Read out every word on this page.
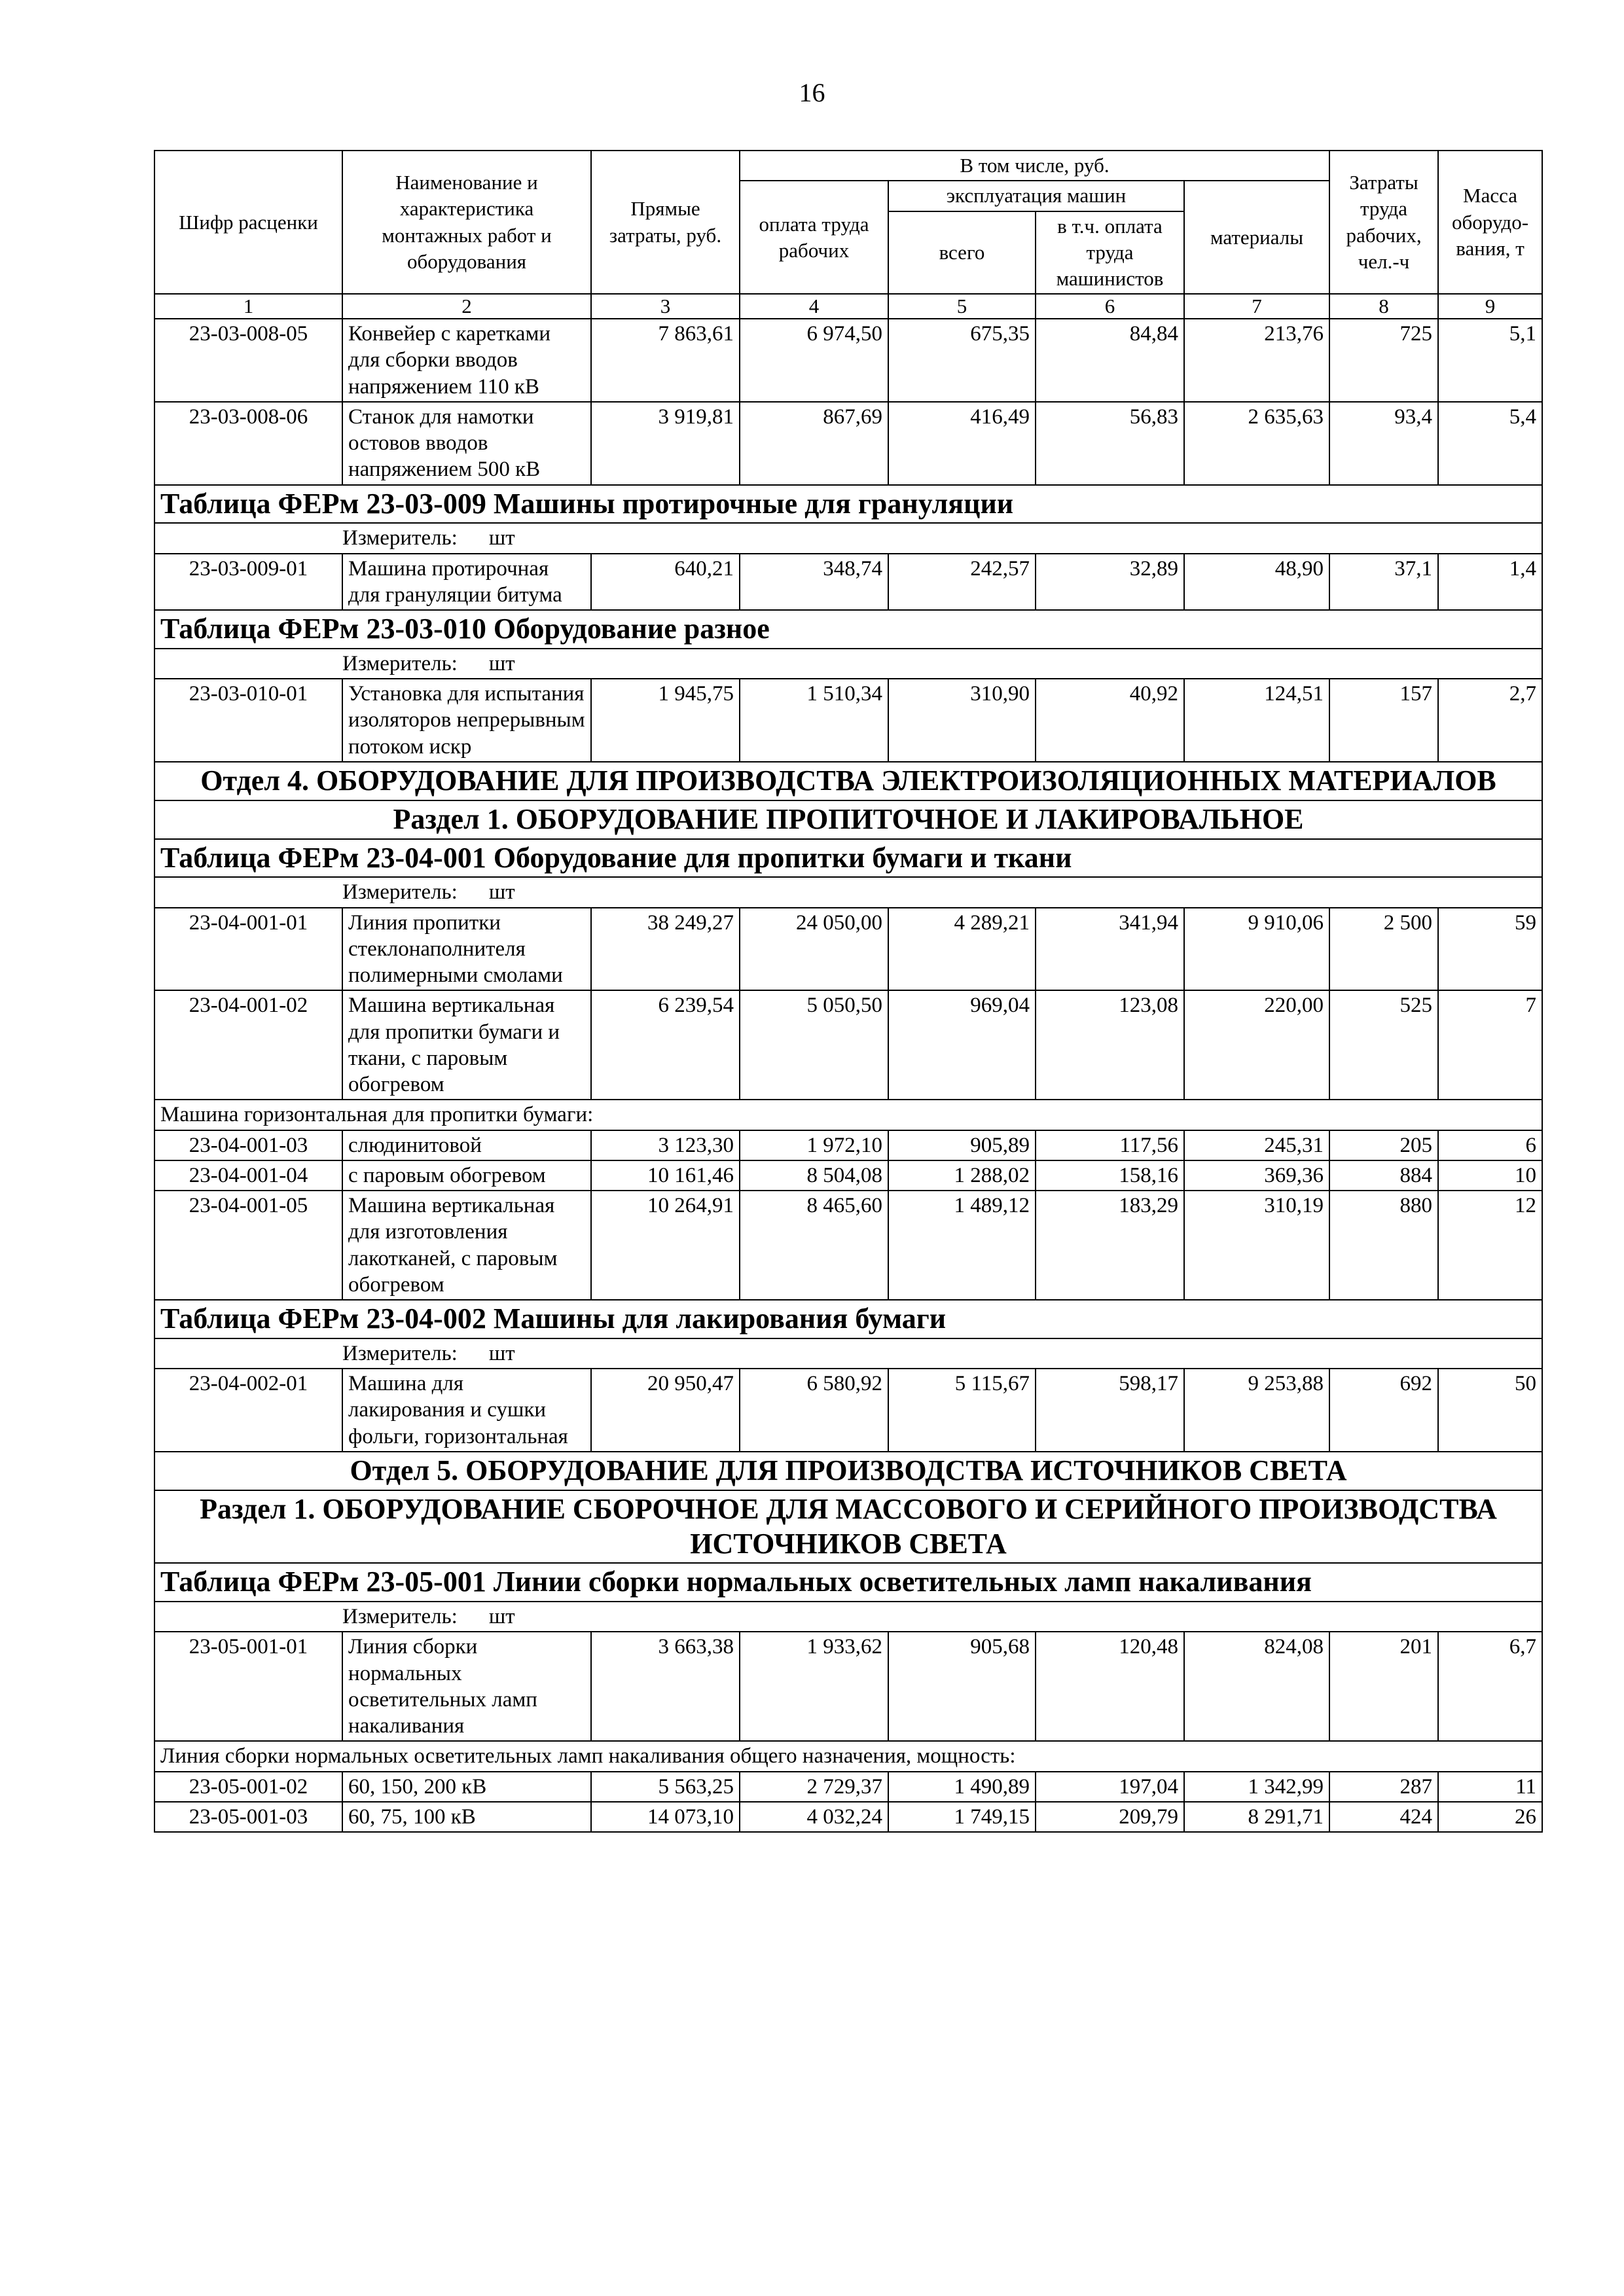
16
Шифр расценки	Наименование и характеристика монтажных работ и оборудования	Прямые затраты, руб.	В том числе, руб.				Затраты труда рабочих, чел.-ч	Масса оборудо-вания, т
			оплата труда рабочих	эксплуатация машин		материалы		
				всего	в т.ч. оплата труда машинистов			
1	2	3	4	5	6	7	8	9
23-03-008-05	Конвейер с каретками для сборки вводов напряжением 110 кВ	7 863,61	6 974,50	675,35	84,84	213,76	725	5,1
23-03-008-06	Станок для намотки остовов вводов напряжением 500 кВ	3 919,81	867,69	416,49	56,83	2 635,63	93,4	5,4
Таблица ФЕРм 23-03-009 Машины протирочные для грануляции								
Измеритель: шт								
23-03-009-01	Машина протирочная для грануляции битума	640,21	348,74	242,57	32,89	48,90	37,1	1,4
Таблица ФЕРм 23-03-010 Оборудование разное								
Измеритель: шт								
23-03-010-01	Установка для испытания изоляторов непрерывным потоком искр	1 945,75	1 510,34	310,90	40,92	124,51	157	2,7
Отдел 4. ОБОРУДОВАНИЕ ДЛЯ ПРОИЗВОДСТВА ЭЛЕКТРОИЗОЛЯЦИОННЫХ МАТЕРИАЛОВ								
Раздел 1. ОБОРУДОВАНИЕ ПРОПИТОЧНОЕ И ЛАКИРОВАЛЬНОЕ								
Таблица ФЕРм 23-04-001 Оборудование для пропитки бумаги и ткани								
Измеритель: шт								
23-04-001-01	Линия пропитки стеклонаполнителя полимерными смолами	38 249,27	24 050,00	4 289,21	341,94	9 910,06	2 500	59
23-04-001-02	Машина вертикальная для пропитки бумаги и ткани, с паровым обогревом	6 239,54	5 050,50	969,04	123,08	220,00	525	7
Машина горизонтальная для пропитки бумаги:								
23-04-001-03	слюдинитовой	3 123,30	1 972,10	905,89	117,56	245,31	205	6
23-04-001-04	с паровым обогревом	10 161,46	8 504,08	1 288,02	158,16	369,36	884	10
23-04-001-05	Машина вертикальная для изготовления лакотканей, с паровым обогревом	10 264,91	8 465,60	1 489,12	183,29	310,19	880	12
Таблица ФЕРм 23-04-002 Машины для лакирования бумаги								
Измеритель: шт								
23-04-002-01	Машина для лакирования и сушки фольги, горизонтальная	20 950,47	6 580,92	5 115,67	598,17	9 253,88	692	50
Отдел 5. ОБОРУДОВАНИЕ ДЛЯ ПРОИЗВОДСТВА ИСТОЧНИКОВ СВЕТА								
Раздел 1. ОБОРУДОВАНИЕ СБОРОЧНОЕ ДЛЯ МАССОВОГО И СЕРИЙНОГО ПРОИЗВОДСТВА ИСТОЧНИКОВ СВЕТА								
Таблица ФЕРм 23-05-001 Линии сборки нормальных осветительных ламп накаливания								
Измеритель: шт								
23-05-001-01	Линия сборки нормальных осветительных ламп накаливания	3 663,38	1 933,62	905,68	120,48	824,08	201	6,7
Линия сборки нормальных осветительных ламп накаливания общего назначения, мощность:								
23-05-001-02	60, 150, 200 кВ	5 563,25	2 729,37	1 490,89	197,04	1 342,99	287	11
23-05-001-03	60, 75, 100 кВ	14 073,10	4 032,24	1 749,15	209,79	8 291,71	424	26
